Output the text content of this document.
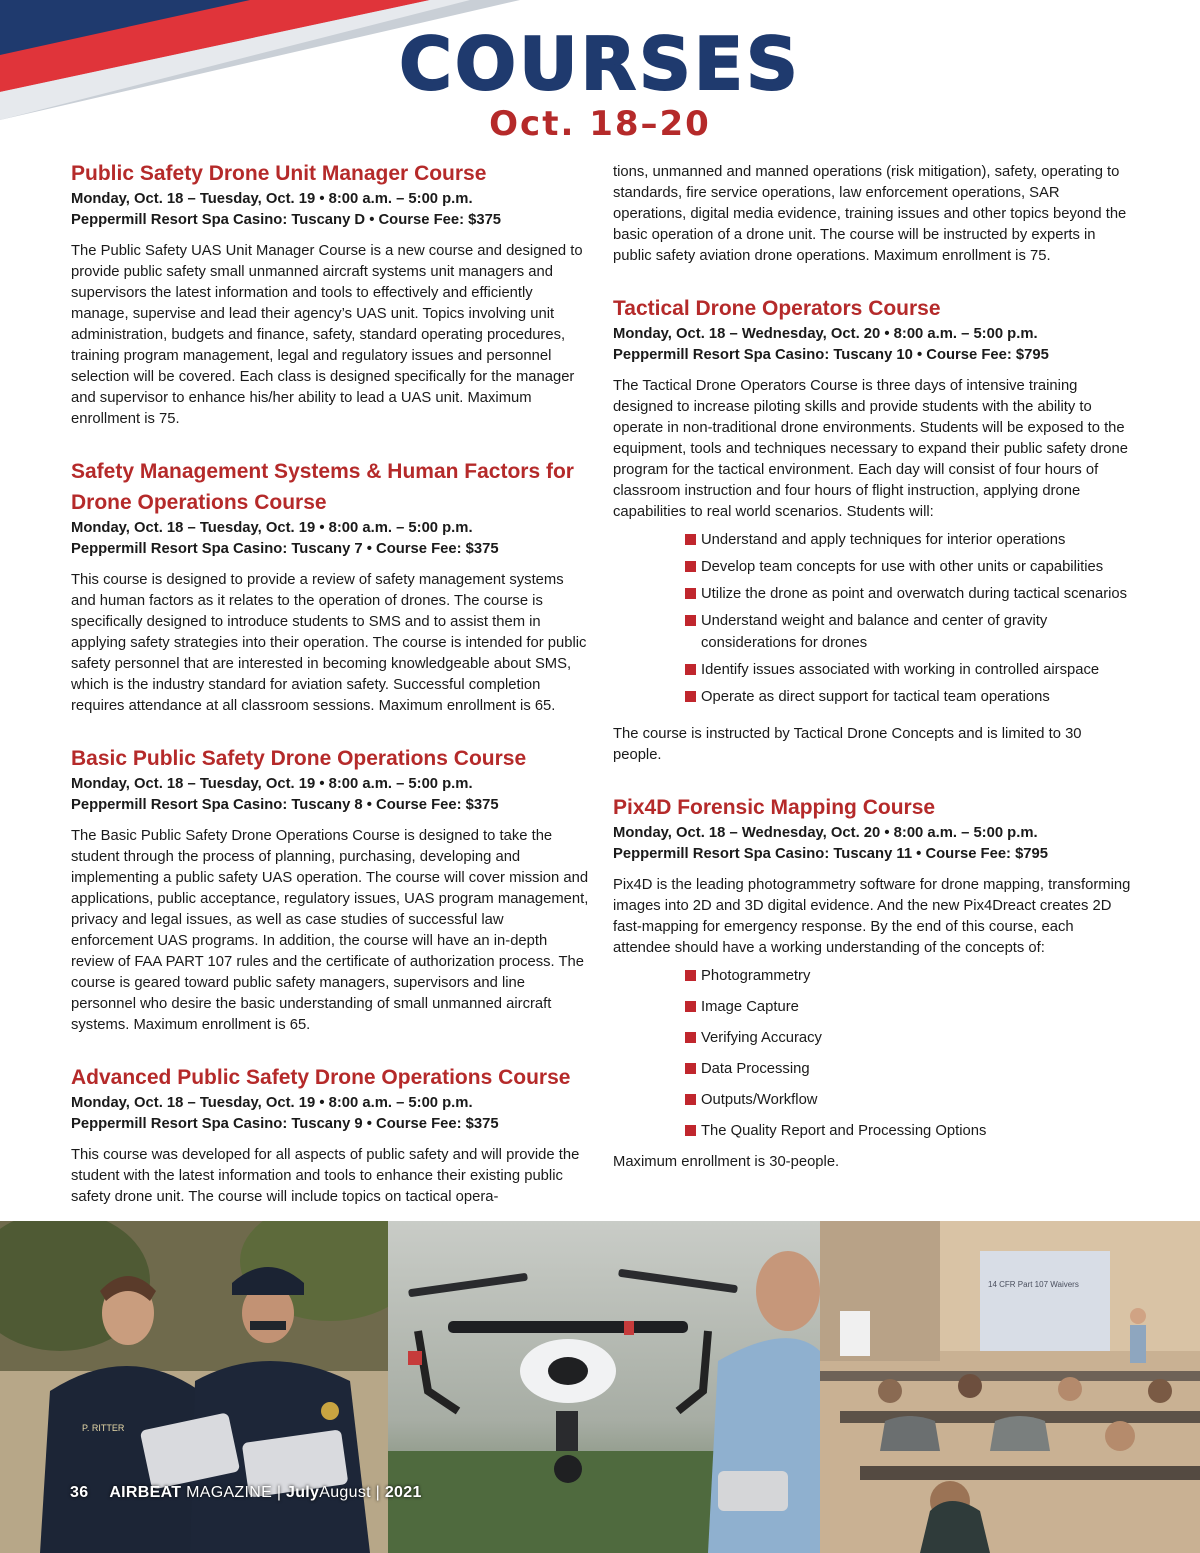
COURSES
Oct. 18–20
Public Safety Drone Unit Manager Course

Monday, Oct. 18 – Tuesday, Oct. 19 • 8:00 a.m. – 5:00 p.m.

Peppermill Resort Spa Casino: Tuscany D • Course Fee: $375

The Public Safety UAS Unit Manager Course is a new course and designed to provide public safety small unmanned aircraft systems unit managers and supervisors the latest information and tools to effectively and efficiently manage, supervise and lead their agency’s UAS unit. Topics involving unit administration, budgets and finance, safety, standard operating procedures, training program management, legal and regulatory issues and personnel selection will be covered. Each class is designed specifically for the manager and supervisor to enhance his/her ability to lead a UAS unit. Maximum enrollment is 75.

Safety Management Systems & Human Factors for Drone Operations Course

Monday, Oct. 18 – Tuesday, Oct. 19 • 8:00 a.m. – 5:00 p.m.

Peppermill Resort Spa Casino: Tuscany 7 • Course Fee: $375

This course is designed to provide a review of safety management systems and human factors as it relates to the operation of drones. The course is specifically designed to introduce students to SMS and to assist them in applying safety strategies into their operation. The course is intended for public safety personnel that are interested in becoming knowledgeable about SMS, which is the industry standard for aviation safety. Successful completion requires attendance at all classroom sessions. Maximum enrollment is 65.

Basic Public Safety Drone Operations Course

Monday, Oct. 18 – Tuesday, Oct. 19 • 8:00 a.m. – 5:00 p.m.

Peppermill Resort Spa Casino: Tuscany 8 • Course Fee: $375

The Basic Public Safety Drone Operations Course is designed to take the student through the process of planning, purchasing, developing and implementing a public safety UAS operation. The course will cover mission and applications, public acceptance, regulatory issues, UAS program management, privacy and legal issues, as well as case studies of successful law enforcement UAS programs. In addition, the course will have an in-depth review of FAA PART 107 rules and the certificate of authorization process. The course is geared toward public safety managers, supervisors and line personnel who desire the basic understanding of small unmanned aircraft systems. Maximum enrollment is 65.

Advanced Public Safety Drone Operations Course

Monday, Oct. 18 – Tuesday, Oct. 19 • 8:00 a.m. – 5:00 p.m.

Peppermill Resort Spa Casino: Tuscany 9 • Course Fee: $375

This course was developed for all aspects of public safety and will provide the student with the latest information and tools to enhance their existing public safety drone unit. The course will include topics on tactical opera-

tions, unmanned and manned operations (risk mitigation), safety, operating to standards, fire service operations, law enforcement operations, SAR operations, digital media evidence, training issues and other topics beyond the basic operation of a drone unit. The course will be instructed by experts in public safety aviation drone operations. Maximum enrollment is 75.

Tactical Drone Operators Course

Monday, Oct. 18 – Wednesday, Oct. 20 • 8:00 a.m. – 5:00 p.m.

Peppermill Resort Spa Casino: Tuscany 10 • Course Fee: $795

The Tactical Drone Operators Course is three days of intensive training designed to increase piloting skills and provide students with the ability to operate in non-traditional drone environments. Students will be exposed to the equipment, tools and techniques necessary to expand their public safety drone program for the tactical environment. Each day will consist of four hours of classroom instruction and four hours of flight instruction, applying drone capabilities to real world scenarios. Students will:

Understand and apply techniques for interior operations
Develop team concepts for use with other units or capabilities
Utilize the drone as point and overwatch during tactical scenarios
Understand weight and balance and center of gravity considerations for drones
Identify issues associated with working in controlled airspace
Operate as direct support for tactical team operations

The course is instructed by Tactical Drone Concepts and is limited to 30 people.

Pix4D Forensic Mapping Course

Monday, Oct. 18 – Wednesday, Oct. 20 • 8:00 a.m. – 5:00 p.m.

Peppermill Resort Spa Casino: Tuscany 11 • Course Fee: $795

Pix4D is the leading photogrammetry software for drone mapping, transforming images into 2D and 3D digital evidence. And the new Pix4Dreact creates 2D fast-mapping for emergency response. By the end of this course, each attendee should have a working understanding of the concepts of:

Photogrammetry
Image Capture
Verifying Accuracy
Data Processing
Outputs/Workflow
The Quality Report and Processing Options

Maximum enrollment is 30-people.

P. RITTER
14 CFR Part 107 Waivers
36 AIRBEAT MAGAZINE | JulyAugust | 2021
